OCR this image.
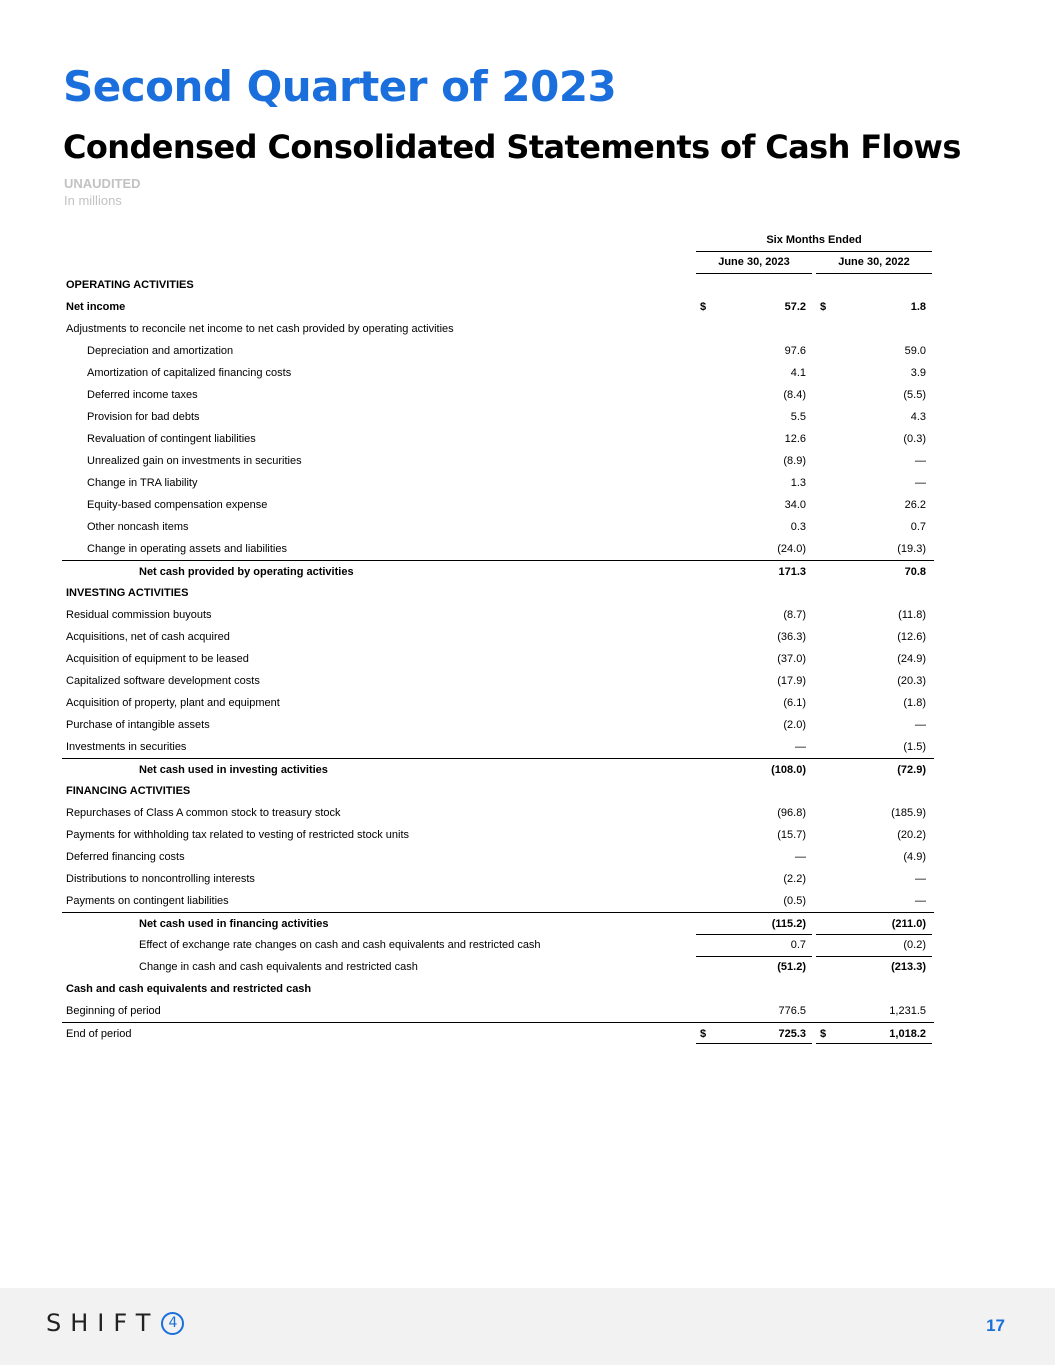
Second Quarter of 2023
Condensed Consolidated Statements of Cash Flows
UNAUDITED
In millions
Six Months Ended
June 30, 2023	June 30, 2022
OPERATING ACTIVITIES
Net income	$	57.2 $	1.8
Adjustments to reconcile net income to net cash provided by operating activities
Depreciation and amortization	97.6	59.0
Amortization of capitalized financing costs	4.1	3.9
Deferred income taxes	(8.4)	(5.5)
Provision for bad debts	5.5	4.3
Revaluation of contingent liabilities	12.6	(0.3)
Unrealized gain on investments in securities	(8.9)	—
Change in TRA liability	1.3	—
Equity-based compensation expense	34.0	26.2
Other noncash items	0.3	0.7
Change in operating assets and liabilities	(24.0)	(19.3)
Net cash provided by operating activities	171.3	70.8
INVESTING ACTIVITIES
Residual commission buyouts	(8.7)	(11.8)
Acquisitions, net of cash acquired	(36.3)	(12.6)
Acquisition of equipment to be leased	(37.0)	(24.9)
Capitalized software development costs	(17.9)	(20.3)
Acquisition of property, plant and equipment	(6.1)	(1.8)
Purchase of intangible assets	(2.0)	—
Investments in securities	—	(1.5)
Net cash used in investing activities	(108.0)	(72.9)
FINANCING ACTIVITIES
Repurchases of Class A common stock to treasury stock	(96.8)	(185.9)
Payments for withholding tax related to vesting of restricted stock units	(15.7)	(20.2)
Deferred financing costs	—	(4.9)
Distributions to noncontrolling interests	(2.2)	—
Payments on contingent liabilities	(0.5)	—
Net cash used in financing activities	(115.2)	(211.0)
Effect of exchange rate changes on cash and cash equivalents and restricted cash	0.7	(0.2)
Change in cash and cash equivalents and restricted cash	(51.2)	(213.3)
Cash and cash equivalents and restricted cash
Beginning of period	776.5	1,231.5
End of period	$	725.3 $	1,018.2
SHIFT 4	17
